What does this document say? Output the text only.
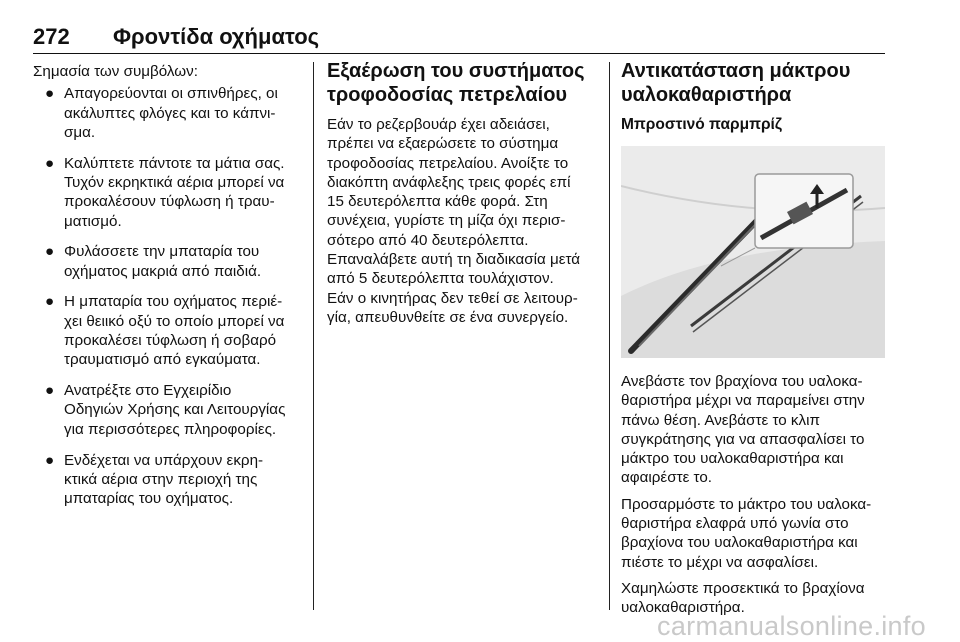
272 Φροντίδα οχήματος
Σημασία των συμβόλων:
● Απαγορεύονται οι σπινθήρες, οι
ακάλυπτες φλόγες και το κάπνι-
σμα.
● Καλύπτετε πάντοτε τα μάτια σας.
Τυχόν εκρηκτικά αέρια μπορεί να
προκαλέσουν τύφλωση ή τραυ-
ματισμό.
● Φυλάσσετε την μπαταρία του
οχήματος μακριά από παιδιά.
● Η μπαταρία του οχήματος περιέ-
χει θειικό οξύ το οποίο μπορεί να
προκαλέσει τύφλωση ή σοβαρό
τραυματισμό από εγκαύματα.
● Ανατρέξτε στο Εγχειρίδιο
Οδηγιών Χρήσης και Λειτουργίας
για περισσότερες πληροφορίες.
● Ενδέχεται να υπάρχουν εκρη-
κτικά αέρια στην περιοχή της
μπαταρίας του οχήματος.
Εξαέρωση του συστήματος
τροφοδοσίας πετρελαίου

Εάν το ρεζερβουάρ έχει αδειάσει,
πρέπει να εξαερώσετε το σύστημα
τροφοδοσίας πετρελαίου. Ανοίξτε το
διακόπτη ανάφλεξης τρεις φορές επί
15 δευτερόλεπτα κάθε φορά. Στη
συνέχεια, γυρίστε τη μίζα όχι περισ-
σότερο από 40 δευτερόλεπτα.
Επαναλάβετε αυτή τη διαδικασία μετά
από 5 δευτερόλεπτα τουλάχιστον.
Εάν ο κινητήρας δεν τεθεί σε λειτουρ-
γία, απευθυνθείτε σε ένα συνεργείο.

Αντικατάσταση μάκτρου
υαλοκαθαριστήρα
Μπροστινό παρμπρίζ

Ανεβάστε τον βραχίονα του υαλοκα-
θαριστήρα μέχρι να παραμείνει στην
πάνω θέση. Ανεβάστε το κλιπ
συγκράτησης για να απασφαλίσει το
μάκτρο του υαλοκαθαριστήρα και
αφαιρέστε το.

Προσαρμόστε το μάκτρο του υαλοκα-
θαριστήρα ελαφρά υπό γωνία στο
βραχίονα του υαλοκαθαριστήρα και
πιέστε το μέχρι να ασφαλίσει.

Χαμηλώστε προσεκτικά το βραχίονα
υαλοκαθαριστήρα.

carmanualsonline.info
